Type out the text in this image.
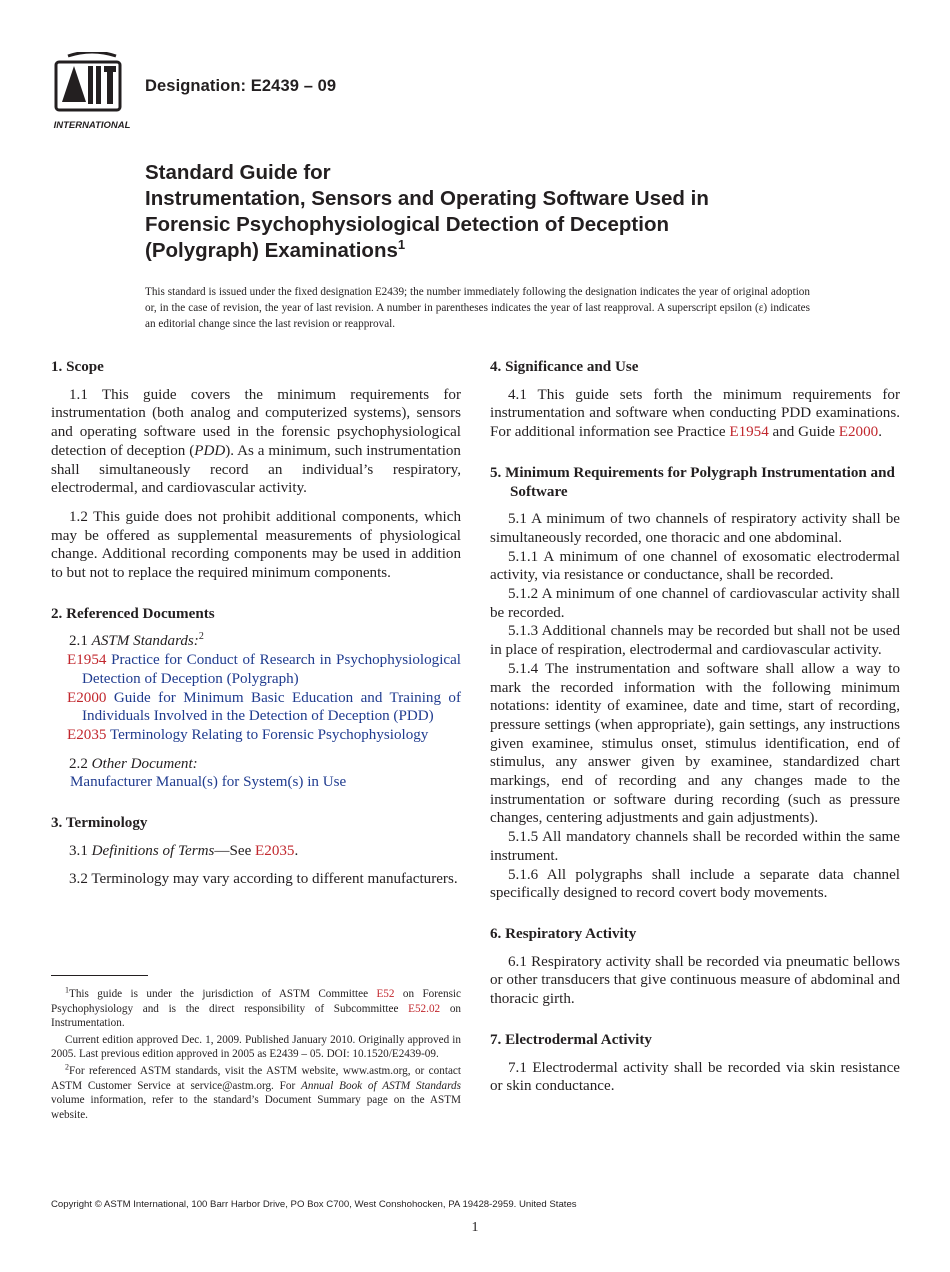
INTERNATIONAL
Designation: E2439 – 09
Standard Guide for
Instrumentation, Sensors and Operating Software Used in
Forensic Psychophysiological Detection of Deception
(Polygraph) Examinations$^1$
This standard is issued under the fixed designation E2439; the number immediately following the designation indicates the year of original adoption or, in the case of revision, the year of last revision. A number in parentheses indicates the year of last reapproval. A superscript epsilon (ε) indicates an editorial change since the last revision or reapproval.
1. Scope

1.1 This guide covers the minimum requirements for instrumentation (both analog and computerized systems), sensors and operating software used in the forensic psychophysiological detection of deception (PDD). As a minimum, such instrumentation shall simultaneously record an individual’s respiratory, electrodermal, and cardiovascular activity.

1.2 This guide does not prohibit additional components, which may be offered as supplemental measurements of physiological change. Additional recording components may be used in addition to but not to replace the required minimum components.

2. Referenced Documents

2.1 ASTM Standards:$^2$

E1954 Practice for Conduct of Research in Psychophysiological Detection of Deception (Polygraph)

E2000 Guide for Minimum Basic Education and Training of Individuals Involved in the Detection of Deception (PDD)

E2035 Terminology Relating to Forensic Psychophysiology

2.2 Other Document:

Manufacturer Manual(s) for System(s) in Use

3. Terminology

3.1 Definitions of Terms—See E2035.

3.2 Terminology may vary according to different manufacturers.

4. Significance and Use

4.1 This guide sets forth the minimum requirements for instrumentation and software when conducting PDD examinations. For additional information see Practice E1954 and Guide E2000.

5. Minimum Requirements for Polygraph Instrumentation and Software

5.1 A minimum of two channels of respiratory activity shall be simultaneously recorded, one thoracic and one abdominal.

5.1.1 A minimum of one channel of exosomatic electrodermal activity, via resistance or conductance, shall be recorded.

5.1.2 A minimum of one channel of cardiovascular activity shall be recorded.

5.1.3 Additional channels may be recorded but shall not be used in place of respiration, electrodermal and cardiovascular activity.

5.1.4 The instrumentation and software shall allow a way to mark the recorded information with the following minimum notations: identity of examinee, date and time, start of recording, pressure settings (when appropriate), gain settings, any instructions given examinee, stimulus onset, stimulus identification, end of stimulus, any answer given by examinee, standardized chart markings, end of recording and any changes made to the instrumentation or software during recording (such as pressure changes, centering adjustments and gain adjustments).

5.1.5 All mandatory channels shall be recorded within the same instrument.

5.1.6 All polygraphs shall include a separate data channel specifically designed to record covert body movements.

6. Respiratory Activity

6.1 Respiratory activity shall be recorded via pneumatic bellows or other transducers that give continuous measure of abdominal and thoracic girth.

7. Electrodermal Activity

7.1 Electrodermal activity shall be recorded via skin resistance or skin conductance.

$^1$This guide is under the jurisdiction of ASTM Committee E52 on Forensic Psychophysiology and is the direct responsibility of Subcommittee E52.02 on Instrumentation.

Current edition approved Dec. 1, 2009. Published January 2010. Originally approved in 2005. Last previous edition approved in 2005 as E2439 – 05. DOI: 10.1520/E2439-09.

$^2$For referenced ASTM standards, visit the ASTM website, www.astm.org, or contact ASTM Customer Service at service@astm.org. For Annual Book of ASTM Standards volume information, refer to the standard’s Document Summary page on the ASTM website.

Copyright © ASTM International, 100 Barr Harbor Drive, PO Box C700, West Conshohocken, PA 19428-2959. United States
1
